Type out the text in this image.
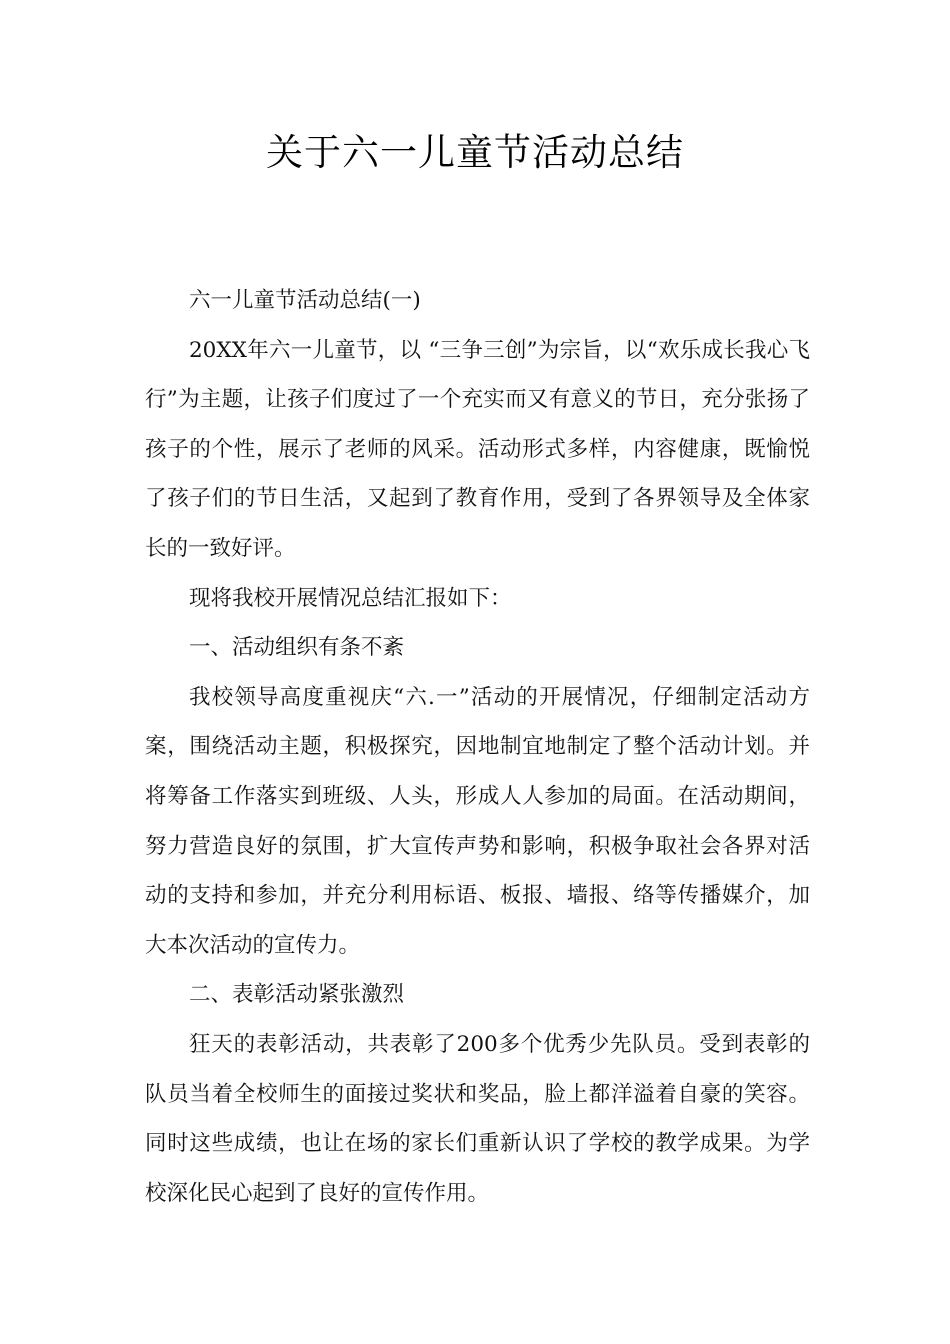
关于六一儿童节活动总结

六一儿童节活动总结(一)

20XX年六一儿童节，以 “三争三创”为宗旨，以“欢乐成长我心飞行”为主题，让孩子们度过了一个充实而又有意义的节日，充分张扬了孩子的个性，展示了老师的风采。活动形式多样，内容健康，既愉悦了孩子们的节日生活，又起到了教育作用，受到了各界领导及全体家长的一致好评。

现将我校开展情况总结汇报如下：

一、活动组织有条不紊

我校领导高度重视庆“六.一”活动的开展情况，仔细制定活动方案，围绕活动主题，积极探究，因地制宜地制定了整个活动计划。并将筹备工作落实到班级、人头，形成人人参加的局面。在活动期间，努力营造良好的氛围，扩大宣传声势和影响，积极争取社会各界对活动的支持和参加，并充分利用标语、板报、墙报、络等传播媒介，加大本次活动的宣传力。

二、表彰活动紧张激烈

狂天的表彰活动，共表彰了200多个优秀少先队员。受到表彰的队员当着全校师生的面接过奖状和奖品，脸上都洋溢着自豪的笑容。同时这些成绩，也让在场的家长们重新认识了学校的教学成果。为学校深化民心起到了良好的宣传作用。
